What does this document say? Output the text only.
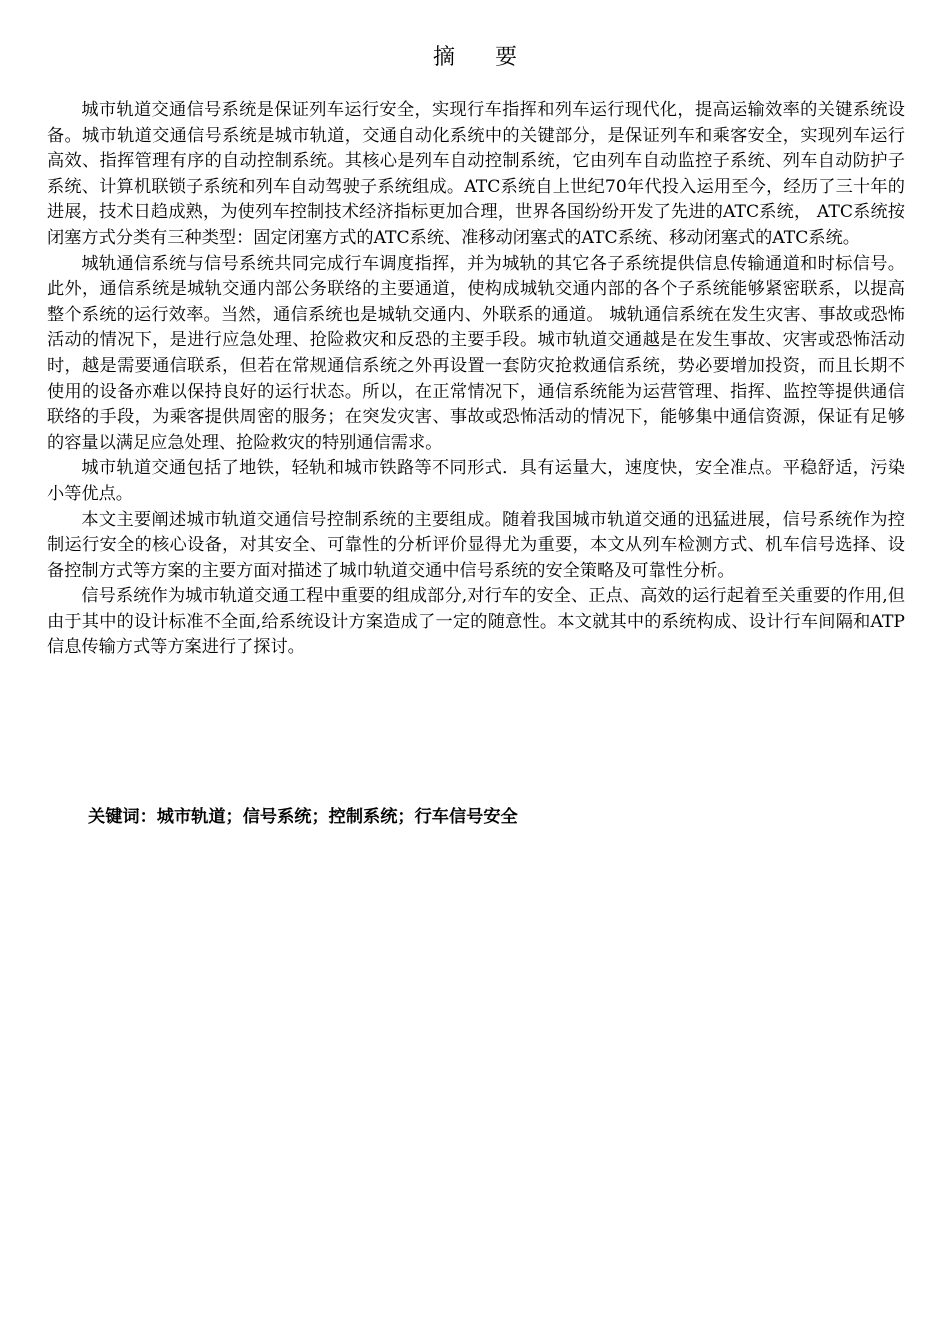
摘要

城市轨道交通信号系统是保证列车运行安全，实现行车指挥和列车运行现代化，提高运输效率的关键系统设备。城市轨道交通信号系统是城市轨道，交通自动化系统中的关键部分，是保证列车和乘客安全，实现列车运行高效、指挥管理有序的自动控制系统。其核心是列车自动控制系统，它由列车自动监控子系统、列车自动防护子系统、计算机联锁子系统和列车自动驾驶子系统组成。ATC系统自上世纪70年代投入运用至今，经历了三十年的进展，技术日趋成熟，为使列车控制技术经济指标更加合理，世界各国纷纷开发了先进的ATC系统， ATC系统按闭塞方式分类有三种类型：固定闭塞方式的ATC系统、准移动闭塞式的ATC系统、移动闭塞式的ATC系统。

城轨通信系统与信号系统共同完成行车调度指挥，并为城轨的其它各子系统提供信息传输通道和时标信号。此外，通信系统是城轨交通内部公务联络的主要通道，使构成城轨交通内部的各个子系统能够紧密联系，以提高整个系统的运行效率。当然，通信系统也是城轨交通内、外联系的通道。 城轨通信系统在发生灾害、事故或恐怖活动的情况下，是进行应急处理、抢险救灾和反恐的主要手段。城市轨道交通越是在发生事故、灾害或恐怖活动时，越是需要通信联系，但若在常规通信系统之外再设置一套防灾抢救通信系统，势必要增加投资，而且长期不使用的设备亦难以保持良好的运行状态。所以，在正常情况下，通信系统能为运营管理、指挥、监控等提供通信联络的手段，为乘客提供周密的服务；在突发灾害、事故或恐怖活动的情况下，能够集中通信资源，保证有足够的容量以满足应急处理、抢险救灾的特别通信需求。

城市轨道交通包括了地铁，轻轨和城市铁路等不同形式．具有运量大，速度快，安全准点。平稳舒适，污染小等优点。

本文主要阐述城市轨道交通信号控制系统的主要组成。随着我国城市轨道交通的迅猛进展，信号系统作为控制运行安全的核心设备，对其安全、可靠性的分析评价显得尤为重要，本文从列车检测方式、机车信号选择、设备控制方式等方案的主要方面对描述了城巾轨道交通中信号系统的安全策略及可靠性分析。

信号系统作为城市轨道交通工程中重要的组成部分,对行车的安全、正点、高效的运行起着至关重要的作用,但由于其中的设计标准不全面,给系统设计方案造成了一定的随意性。本文就其中的系统构成、设计行车间隔和ATP 信息传输方式等方案进行了探讨。

关键词：城市轨道；信号系统；控制系统；行车信号安全
